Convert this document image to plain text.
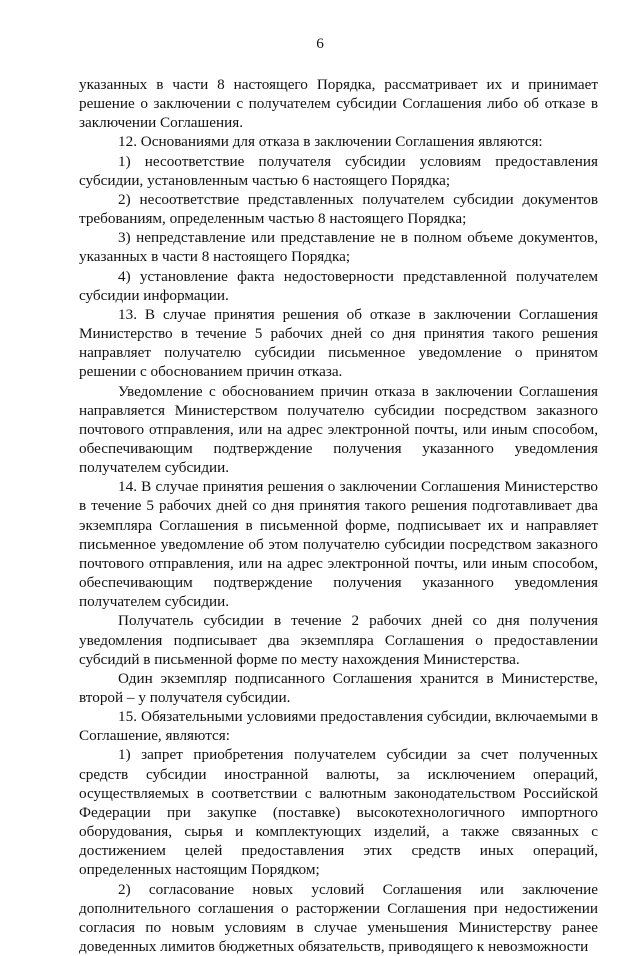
6

указанных в части 8 настоящего Порядка, рассматривает их и принимает решение о заключении с получателем субсидии Соглашения либо об отказе в заключении Соглашения.

12. Основаниями для отказа в заключении Соглашения являются:

1) несоответствие получателя субсидии условиям предоставления субсидии, установленным частью 6 настоящего Порядка;

2) несоответствие представленных получателем субсидии документов требованиям, определенным частью 8 настоящего Порядка;

3) непредставление или представление не в полном объеме документов, указанных в части 8 настоящего Порядка;

4) установление факта недостоверности представленной получателем субсидии информации.

13. В случае принятия решения об отказе в заключении Соглашения Министерство в течение 5 рабочих дней со дня принятия такого решения направляет получателю субсидии письменное уведомление о принятом решении с обоснованием причин отказа.

Уведомление с обоснованием причин отказа в заключении Соглашения направляется Министерством получателю субсидии посредством заказного почтового отправления, или на адрес электронной почты, или иным способом, обеспечивающим подтверждение получения указанного уведомления получателем субсидии.

14. В случае принятия решения о заключении Соглашения Министерство в течение 5 рабочих дней со дня принятия такого решения подготавливает два экземпляра Соглашения в письменной форме, подписывает их и направляет письменное уведомление об этом получателю субсидии посредством заказного почтового отправления, или на адрес электронной почты, или иным способом, обеспечивающим подтверждение получения указанного уведомления получателем субсидии.

Получатель субсидии в течение 2 рабочих дней со дня получения уведомления подписывает два экземпляра Соглашения о предоставлении субсидий в письменной форме по месту нахождения Министерства.

Один экземпляр подписанного Соглашения хранится в Министерстве, второй – у получателя субсидии.

15. Обязательными условиями предоставления субсидии, включаемыми в Соглашение, являются:

1) запрет приобретения получателем субсидии за счет полученных средств субсидии иностранной валюты, за исключением операций, осуществляемых в соответствии с валютным законодательством Российской Федерации при закупке (поставке) высокотехнологичного импортного оборудования, сырья и комплектующих изделий, а также связанных с достижением целей предоставления этих средств иных операций, определенных настоящим Порядком;

2) согласование новых условий Соглашения или заключение дополнительного соглашения о расторжении Соглашения при недостижении согласия по новым условиям в случае уменьшения Министерству ранее доведенных лимитов бюджетных обязательств, приводящего к невозможности
